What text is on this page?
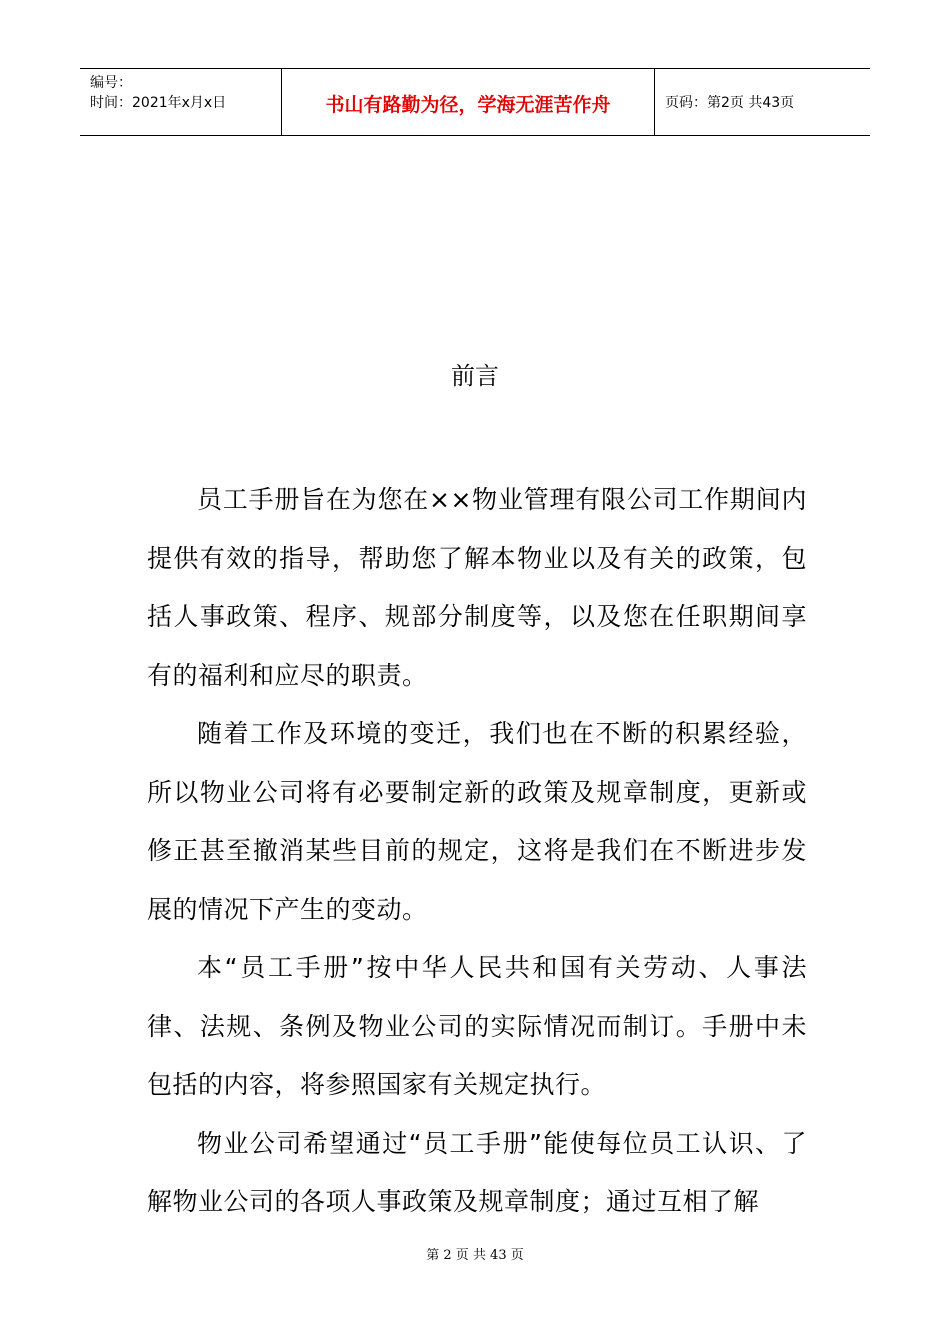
编号：
时间：2021年x月x日	书山有路勤为径，学海无涯苦作舟	页码：第2页 共43页
前言

员工手册旨在为您在××物业管理有限公司工作期间内提供有效的指导，帮助您了解本物业以及有关的政策，包括人事政策、程序、规部分制度等，以及您在任职期间享有的福利和应尽的职责。

随着工作及环境的变迁，我们也在不断的积累经验，所以物业公司将有必要制定新的政策及规章制度，更新或修正甚至撤消某些目前的规定，这将是我们在不断进步发展的情况下产生的变动。

本“员工手册”按中华人民共和国有关劳动、人事法律、法规、条例及物业公司的实际情况而制订。手册中未包括的内容，将参照国家有关规定执行。

物业公司希望通过“员工手册”能使每位员工认识、了解物业公司的各项人事政策及规章制度；通过互相了解

第 2 页 共 43 页
